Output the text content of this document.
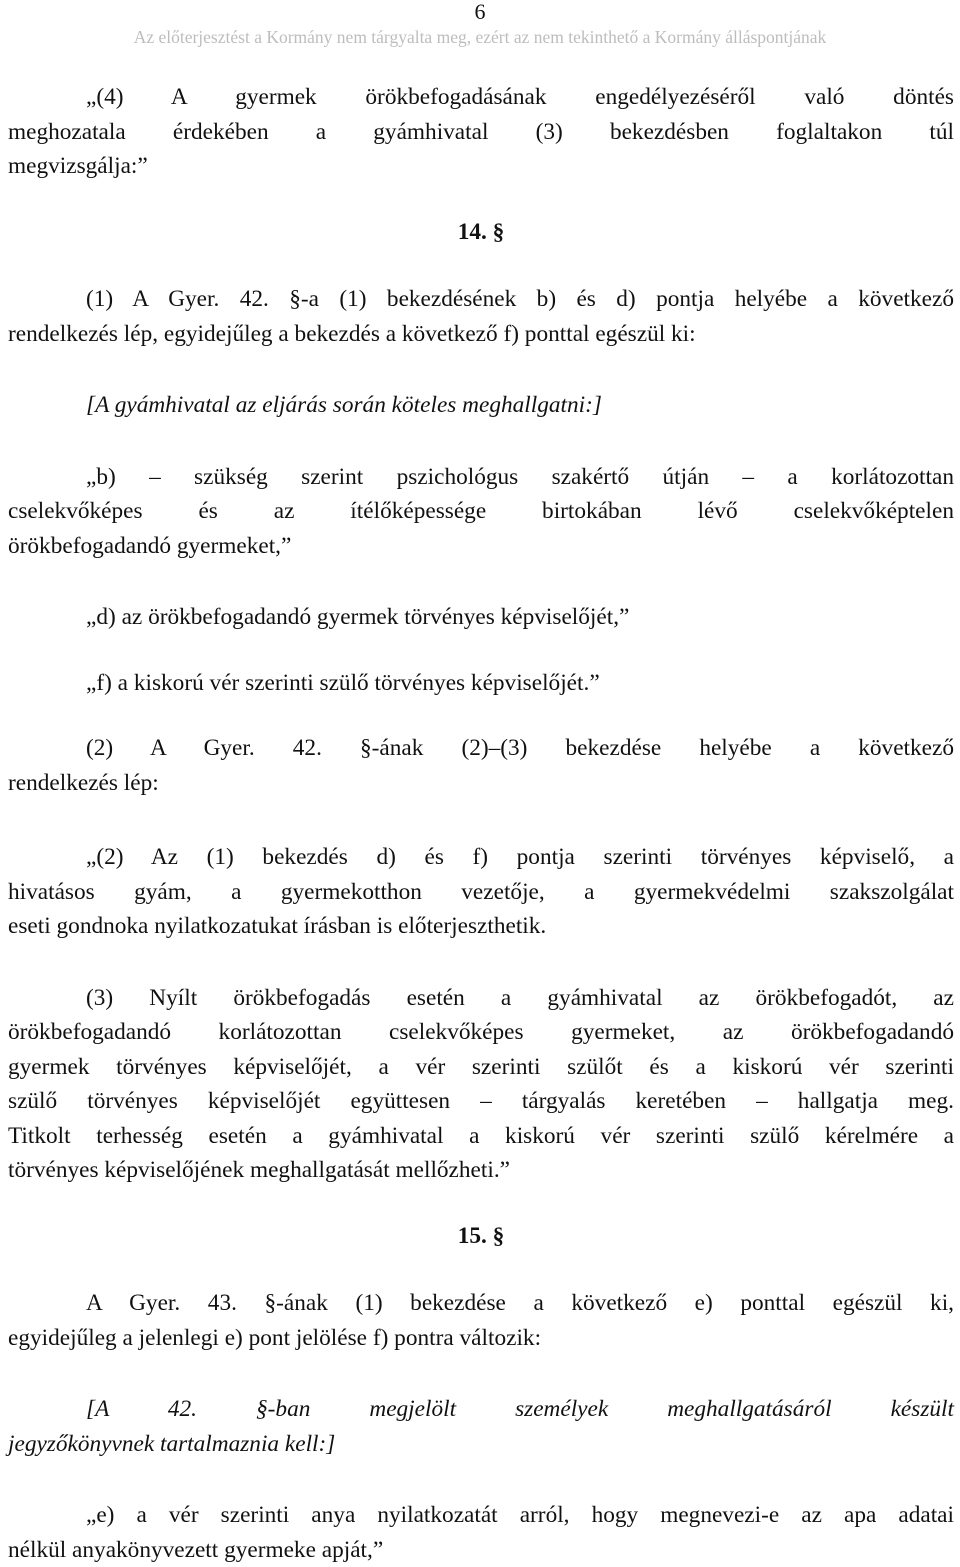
6
Az előterjesztést a Kormány nem tárgyalta meg, ezért az nem tekinthető a Kormány álláspontjának

„(4) A gyermek örökbefogadásának engedélyezéséről való döntés

meghozatala érdekében a gyámhivatal (3) bekezdésben foglaltakon túl

megvizsgálja:”

14. §

(1) A Gyer. 42. §-a (1) bekezdésének b) és d) pontja helyébe a következő

rendelkezés lép, egyidejűleg a bekezdés a következő f) ponttal egészül ki:

[A gyámhivatal az eljárás során köteles meghallgatni:]

„b) – szükség szerint pszichológus szakértő útján – a korlátozottan

cselekvőképes és az ítélőképessége birtokában lévő cselekvőképtelen

örökbefogadandó gyermeket,”

„d) az örökbefogadandó gyermek törvényes képviselőjét,”

„f) a kiskorú vér szerinti szülő törvényes képviselőjét.”

(2) A Gyer. 42. §-ának (2)–(3) bekezdése helyébe a következő

rendelkezés lép:

„(2) Az (1) bekezdés d) és f) pontja szerinti törvényes képviselő, a

hivatásos gyám, a gyermekotthon vezetője, a gyermekvédelmi szakszolgálat

eseti gondnoka nyilatkozatukat írásban is előterjeszthetik.

(3) Nyílt örökbefogadás esetén a gyámhivatal az örökbefogadót, az

örökbefogadandó korlátozottan cselekvőképes gyermeket, az örökbefogadandó

gyermek törvényes képviselőjét, a vér szerinti szülőt és a kiskorú vér szerinti

szülő törvényes képviselőjét együttesen – tárgyalás keretében – hallgatja meg.

Titkolt terhesség esetén a gyámhivatal a kiskorú vér szerinti szülő kérelmére a

törvényes képviselőjének meghallgatását mellőzheti.”

15. §

A Gyer. 43. §-ának (1) bekezdése a következő e) ponttal egészül ki,

egyidejűleg a jelenlegi e) pont jelölése f) pontra változik:

[A 42. §-ban megjelölt személyek meghallgatásáról készült

jegyzőkönyvnek tartalmaznia kell:]

„e) a vér szerinti anya nyilatkozatát arról, hogy megnevezi-e az apa adatai

nélkül anyakönyvezett gyermeke apját,”
